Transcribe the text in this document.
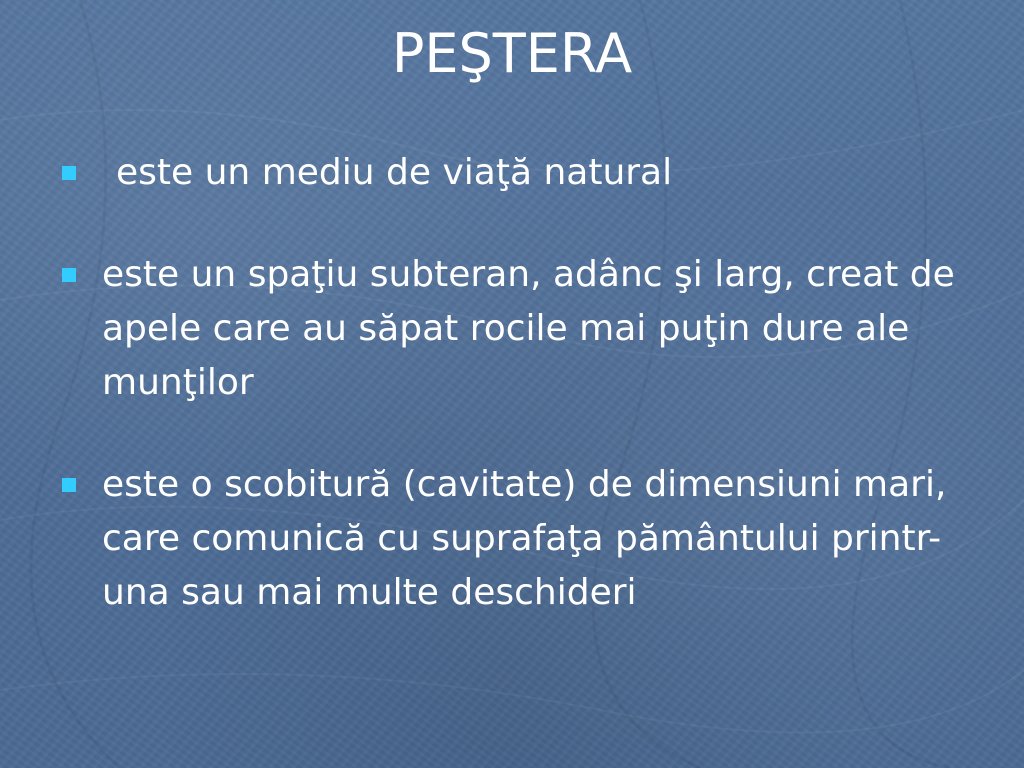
PEŞTERA
este un mediu de viaţă natural
este un spaţiu subteran, adânc şi larg, creat de apele care au săpat rocile mai puţin dure ale munţilor
este o scobitură (cavitate) de dimensiuni mari, care comunică cu suprafaţa pământului printr-una sau mai multe deschideri
